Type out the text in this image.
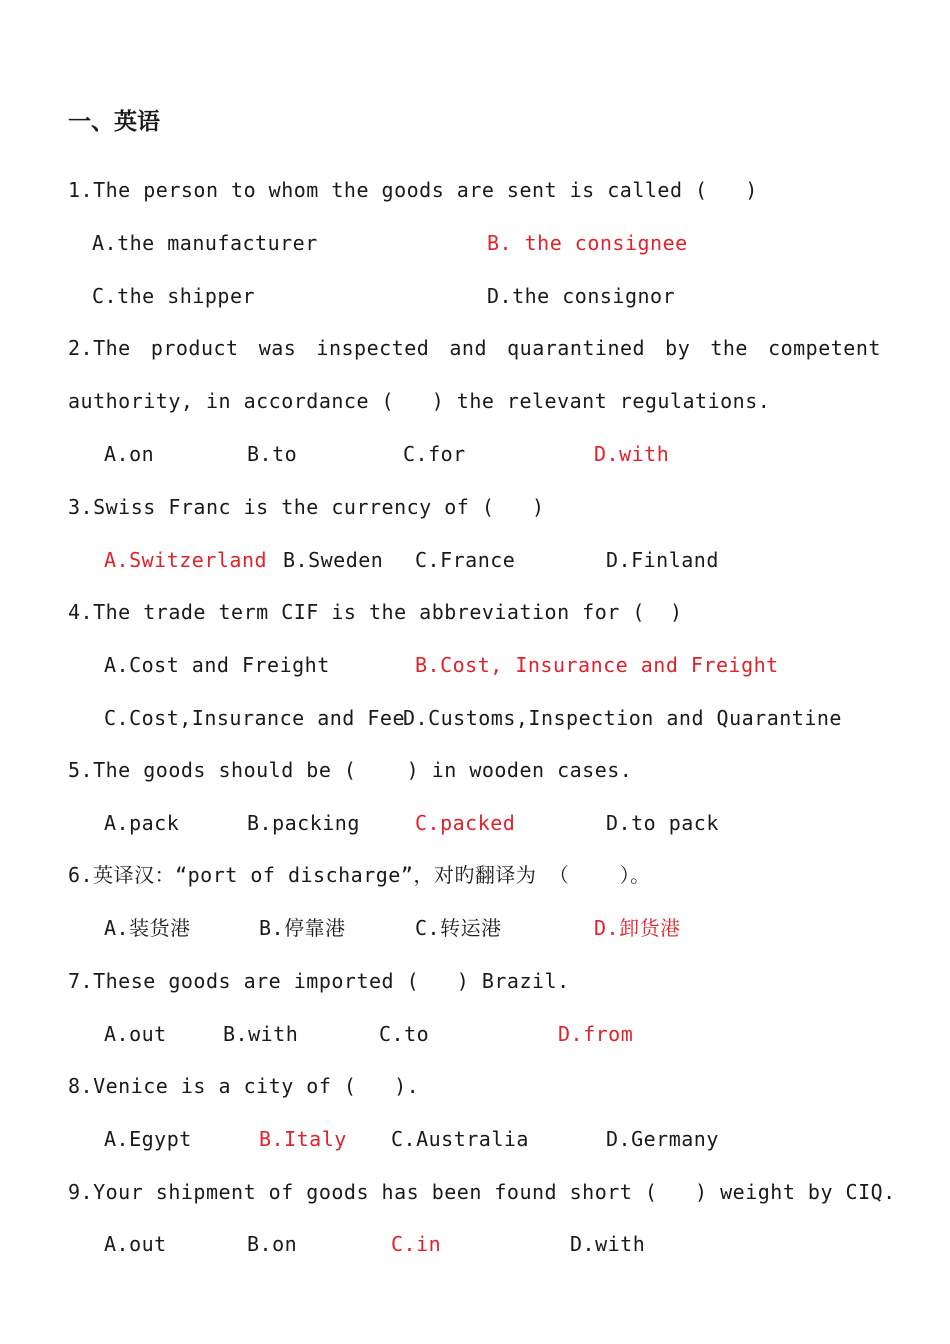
一、英语
1.The person to whom the goods are sent is called (   )
A.the manufacturer	B. the consignee
C.the shipper	D.the consignor
2.The product was inspected and quarantined by the competent
authority, in accordance (   ) the relevant regulations.
A.on	B.to	C.for	D.with
3.Swiss Franc is the currency of (   )
A.Switzerland B.Sweden C.France	D.Finland
4.The trade term CIF is the abbreviation for (  )
A.Cost and Freight	B.Cost, Insurance and Freight
C.Cost,Insurance and Fee
D.Customs,Inspection and Quarantine
5.The goods should be (    ) in wooden cases.
A.pack	B.packing	C.packed	D.to pack
6.英译汉：“port of discharge”，对旳翻译为 （    ）。
A.装货港	B.停靠港	C.转运港	D.卸货港
7.These goods are imported (   ) Brazil.
A.out	B.with	C.to	D.from
8.Venice is a city of (   ).
A.Egypt	B.Italy C.Australia	D.Germany
9.Your shipment of goods has been found short (   ) weight by CIQ.
A.out	B.on	C.in	D.with
